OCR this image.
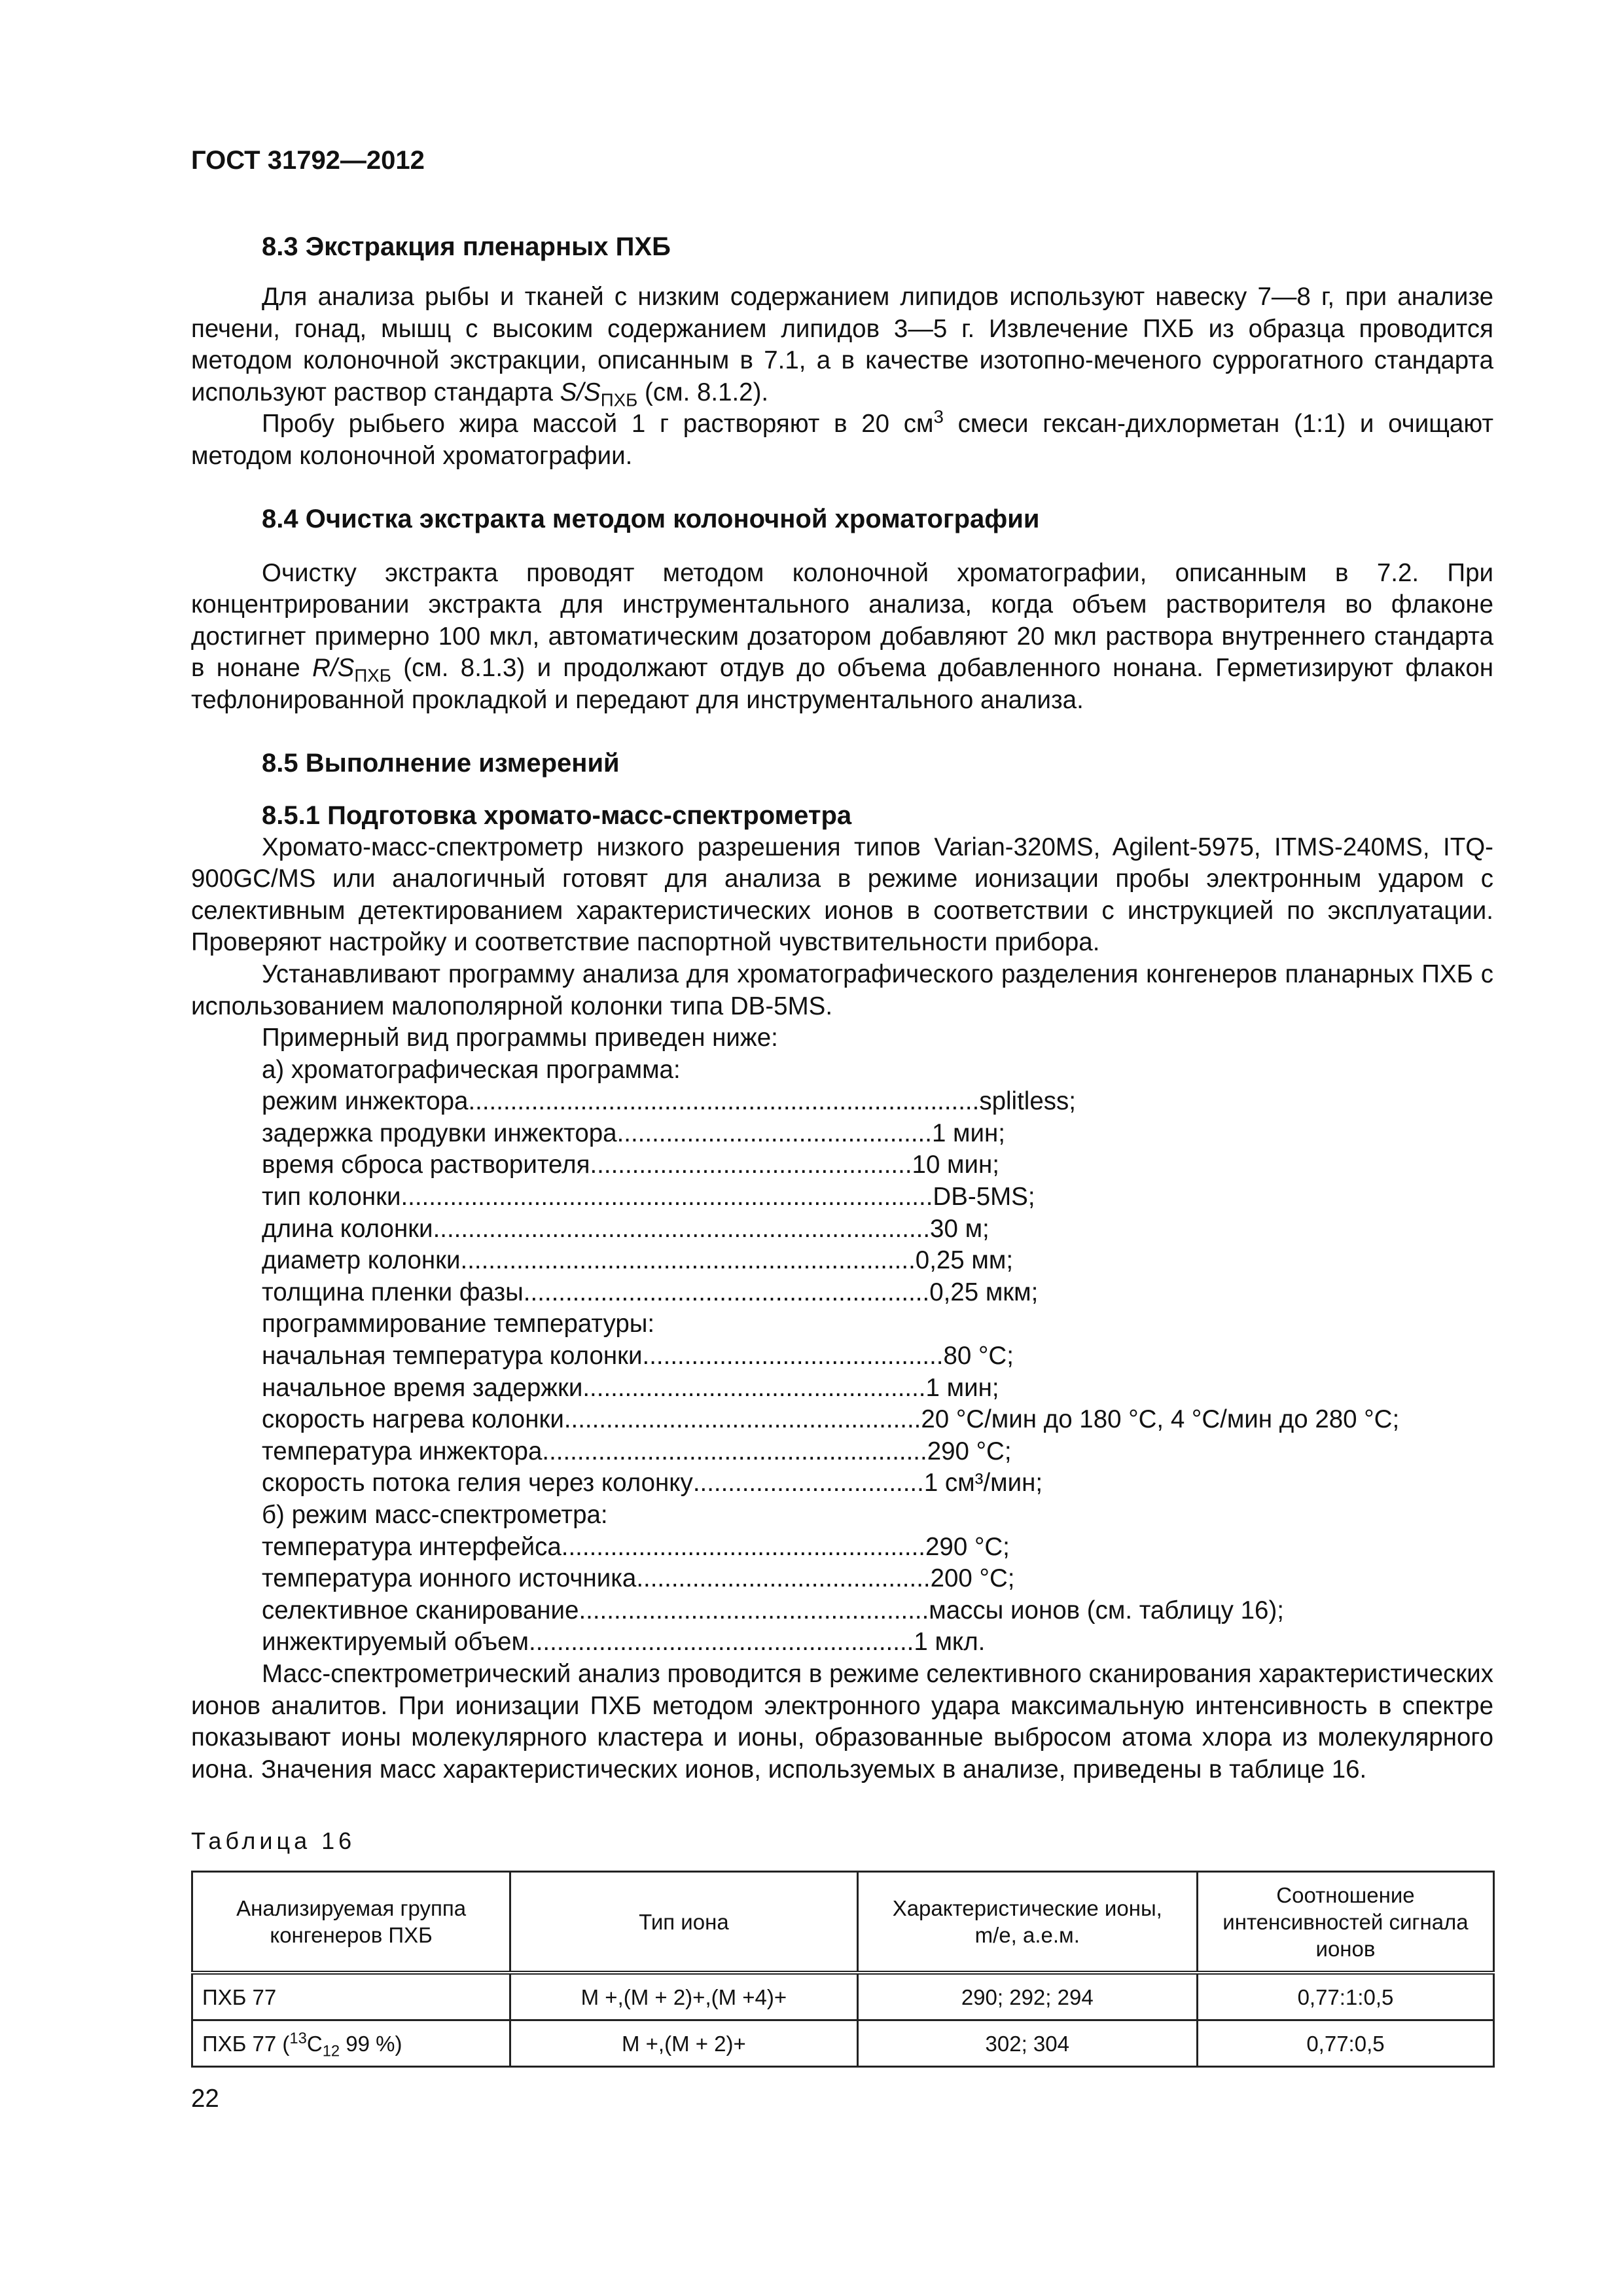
ГОСТ 31792—2012
8.3 Экстракция пленарных ПХБ

Для анализа рыбы и тканей с низким содержанием липидов используют навеску 7—8 г, при анализе печени, гонад, мышц с высоким содержанием липидов 3—5 г. Извлечение ПХБ из образца проводится методом колоночной экстракции, описанным в 7.1, а в качестве изотопно-меченого суррогатного стандарта используют раствор стандарта $S/S_{ПХБ}$ (см. 8.1.2).

Пробу рыбьего жира массой 1 г растворяют в 20 $см^3$ смеси гексан-дихлорметан (1:1) и очищают методом колоночной хроматографии.

8.4 Очистка экстракта методом колоночной хроматографии

Очистку экстракта проводят методом колоночной хроматографии, описанным в 7.2. При концентрировании экстракта для инструментального анализа, когда объем растворителя во флаконе достигнет примерно 100 мкл, автоматическим дозатором добавляют 20 мкл раствора внутреннего стандарта в нонане $R/S_{ПХБ}$ (см. 8.1.3) и продолжают отдув до объема добавленного нонана. Герметизируют флакон тефлонированной прокладкой и передают для инструментального анализа.

8.5 Выполнение измерений
8.5.1 Подготовка хромато-масс-спектрометра

Хромато-масс-спектрометр низкого разрешения типов Varian-320MS, Agilent-5975, ITMS-240MS, ITQ-900GC/MS или аналогичный готовят для анализа в режиме ионизации пробы электронным ударом с селективным детектированием характеристических ионов в соответствии с инструкцией по эксплуатации. Проверяют настройку и соответствие паспортной чувствительности прибора.

Устанавливают программу анализа для хроматографического разделения конгенеров планарных ПХБ с использованием малополярной колонки типа DB-5MS.

Примерный вид программы приведен ниже:
а) хроматографическая программа:
режим инжектора ......................................................................... splitless;
задержка продувки инжектора ............................................. 1 мин;
время сброса растворителя .............................................. 10 мин;
тип колонки ............................................................................ DB-5MS;
длина колонки ....................................................................... 30 м;
диаметр колонки ................................................................. 0,25 мм;
толщина пленки фазы .......................................................... 0,25 мкм;
программирование температуры:
начальная температура колонки ........................................... 80 °С;
начальное время задержки ................................................. 1 мин;
скорость нагрева колонки ................................................... 20 °С/мин до 180 °С, 4 °С/мин до 280 °С;
температура инжектора ....................................................... 290 °С;
скорость потока гелия через колонку ................................. 1 см³/мин;
б) режим масс-спектрометра:
температура интерфейса .................................................... 290 °С;
температура ионного источника .......................................... 200 °С;
селективное сканирование .................................................. массы ионов (см. таблицу 16);
инжектируемый объем ....................................................... 1 мкл.

Масс-спектрометрический анализ проводится в режиме селективного сканирования характеристических ионов аналитов. При ионизации ПХБ методом электронного удара максимальную интенсивность в спектре показывают ионы молекулярного кластера и ионы, образованные выбросом атома хлора из молекулярного иона. Значения масс характеристических ионов, используемых в анализе, приведены в таблице 16.

Таблица 16
Анализируемая группа конгенеров ПХБ	Тип иона	Характеристические ионы, m/e, а.е.м.	Соотношение интенсивностей сигнала ионов
ПХБ 77	М +,(М + 2)+,(М +4)+	290; 292; 294	0,77:1:0,5
ПХБ 77 ($^{13}С_{12}$ 99 %)	М +,(М + 2)+	302; 304	0,77:0,5
22
